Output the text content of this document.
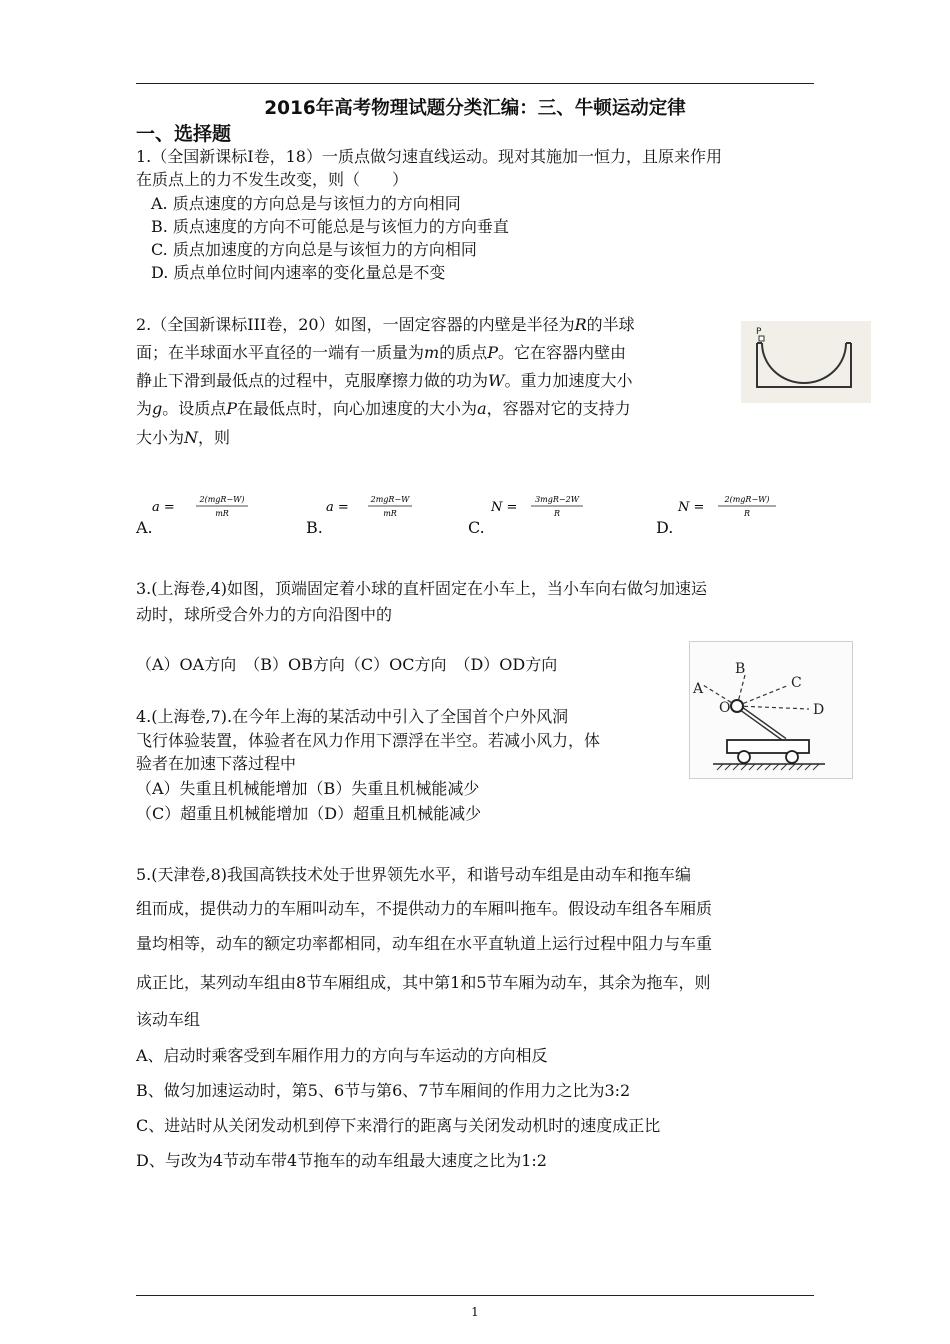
2016年高考物理试题分类汇编：三、牛顿运动定律
一、选择题
1.（全国新课标I卷，18）一质点做匀速直线运动。现对其施加一恒力，且原来作用
在质点上的力不发生改变，则（　　）
A. 质点速度的方向总是与该恒力的方向相同
B. 质点速度的方向不可能总是与该恒力的方向垂直
C. 质点加速度的方向总是与该恒力的方向相同
D. 质点单位时间内速率的变化量总是不变
2.（全国新课标III卷，20）如图，一固定容器的内壁是半径为R的半球
面；在半球面水平直径的一端有一质量为m的质点P。它在容器内壁由
静止下滑到最低点的过程中，克服摩擦力做的功为W。重力加速度大小
为g。设质点P在最低点时，向心加速度的大小为a，容器对它的支持力
大小为N，则
P
A.
a =
2(mgR−W)
mR
B.
a =
2mgR−W
mR
C.
N =
3mgR−2W
R
D.
N =
2(mgR−W)
R
3.(上海卷,4)如图，顶端固定着小球的直杆固定在小车上，当小车向右做匀加速运
动时，球所受合外力的方向沿图中的
（A）OA方向　（B）OB方向（C）OC方向　（D）OD方向
A
B
C
D
O
4.(上海卷,7).在今年上海的某活动中引入了全国首个户外风洞
飞行体验装置，体验者在风力作用下漂浮在半空。若减小风力，体
验者在加速下落过程中
（A）失重且机械能增加（B）失重且机械能减少
（C）超重且机械能增加（D）超重且机械能减少
5.(天津卷,8)我国高铁技术处于世界领先水平，和谐号动车组是由动车和拖车编
组而成，提供动力的车厢叫动车，不提供动力的车厢叫拖车。假设动车组各车厢质
量均相等，动车的额定功率都相同，动车组在水平直轨道上运行过程中阻力与车重
成正比，某列动车组由8节车厢组成，其中第1和5节车厢为动车，其余为拖车，则
该动车组
A、启动时乘客受到车厢作用力的方向与车运动的方向相反
B、做匀加速运动时，第5、6节与第6、7节车厢间的作用力之比为3:2
C、进站时从关闭发动机到停下来滑行的距离与关闭发动机时的速度成正比
D、与改为4节动车带4节拖车的动车组最大速度之比为1:2
1
